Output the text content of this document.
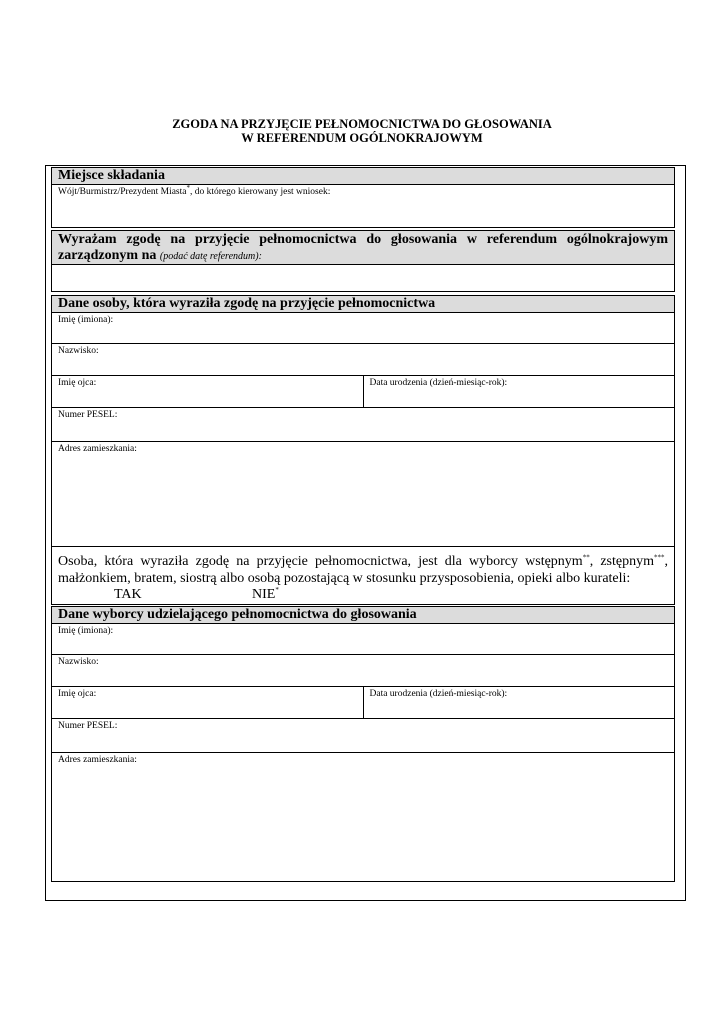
ZGODA NA PRZYJĘCIE PEŁNOMOCNICTWA DO GŁOSOWANIA
W REFERENDUM OGÓLNOKRAJOWYM
Miejsce składania
Wójt/Burmistrz/Prezydent Miasta*, do którego kierowany jest wniosek:
Wyrażam zgodę na przyjęcie pełnomocnictwa do głosowania w referendum ogólnokrajowym zarządzonym na (podać datę referendum):
Dane osoby, która wyraziła zgodę na przyjęcie pełnomocnictwa
Imię (imiona):
Nazwisko:
Imię ojca:	Data urodzenia (dzień-miesiąc-rok):
Numer PESEL:
Adres zamieszkania:
Osoba, która wyraziła zgodę na przyjęcie pełnomocnictwa, jest dla wyborcy wstępnym**, zstępnym***, małżonkiem, bratem, siostrą albo osobą pozostającą w stosunku przysposobienia, opieki albo kurateli:
TAK	NIE*
Dane wyborcy udzielającego pełnomocnictwa do głosowania
Imię (imiona):
Nazwisko:
Imię ojca:	Data urodzenia (dzień-miesiąc-rok):
Numer PESEL:
Adres zamieszkania:
